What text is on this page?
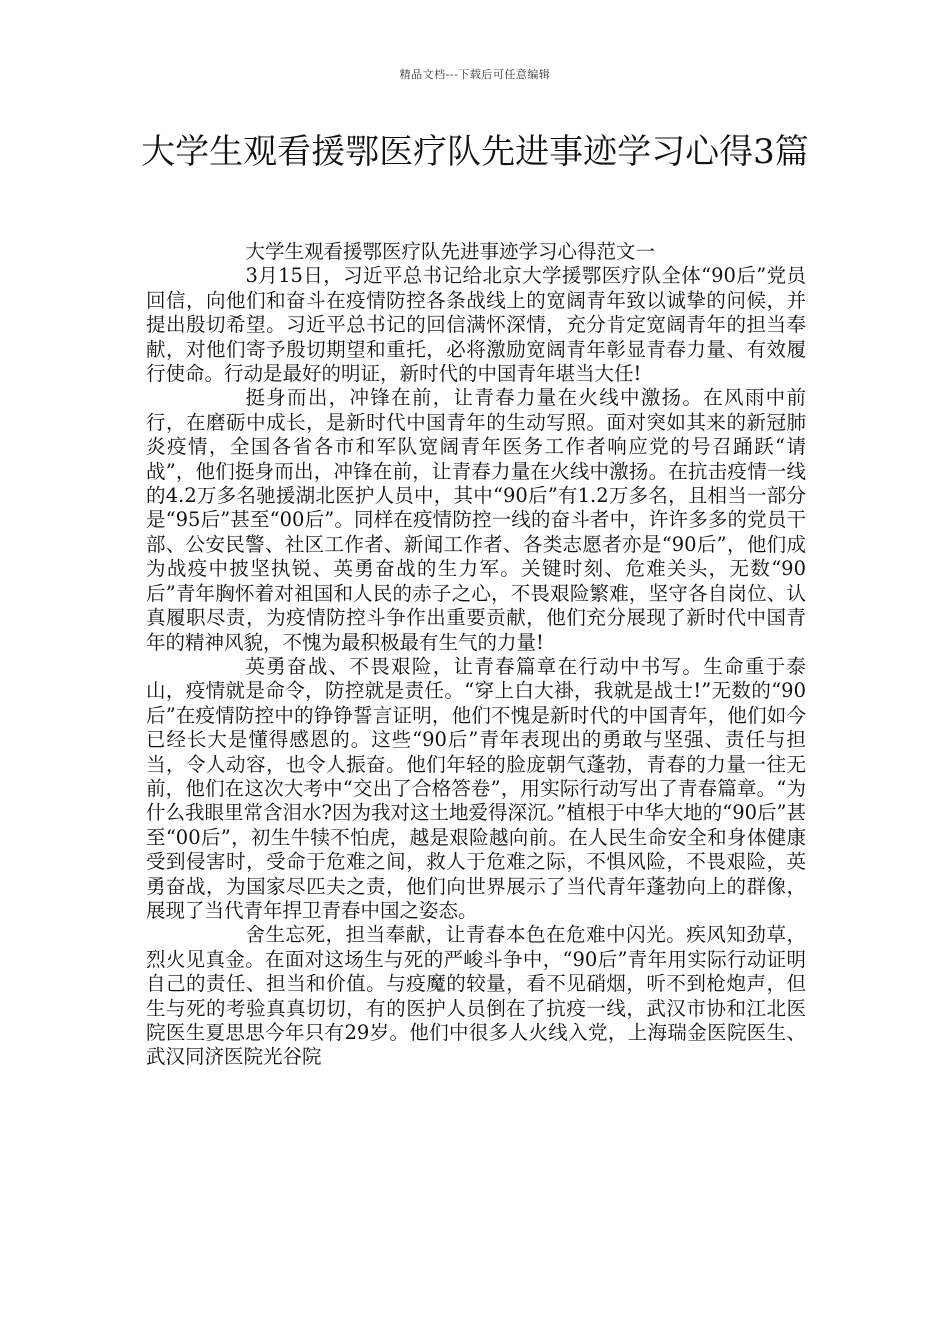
精品文档---下载后可任意编辑
大学生观看援鄂医疗队先进事迹学习心得3篇

大学生观看援鄂医疗队先进事迹学习心得范文一

3月15日，习近平总书记给北京大学援鄂医疗队全体“90后”党员回信，向他们和奋斗在疫情防控各条战线上的宽阔青年致以诚挚的问候，并提出殷切希望。习近平总书记的回信满怀深情，充分肯定宽阔青年的担当奉献，对他们寄予殷切期望和重托，必将激励宽阔青年彰显青春力量、有效履行使命。行动是最好的明证，新时代的中国青年堪当大任!

挺身而出，冲锋在前，让青春力量在火线中激扬。在风雨中前行，在磨砺中成长，是新时代中国青年的生动写照。面对突如其来的新冠肺炎疫情，全国各省各市和军队宽阔青年医务工作者响应党的号召踊跃“请战”，他们挺身而出，冲锋在前，让青春力量在火线中激扬。在抗击疫情一线的4.2万多名驰援湖北医护人员中，其中“90后”有1.2万多名，且相当一部分是“95后”甚至“00后”。同样在疫情防控一线的奋斗者中，许许多多的党员干部、公安民警、社区工作者、新闻工作者、各类志愿者亦是“90后”，他们成为战疫中披坚执锐、英勇奋战的生力军。关键时刻、危难关头，无数“90后”青年胸怀着对祖国和人民的赤子之心，不畏艰险繁难，坚守各自岗位、认真履职尽责，为疫情防控斗争作出重要贡献，他们充分展现了新时代中国青年的精神风貌，不愧为最积极最有生气的力量!

英勇奋战、不畏艰险，让青春篇章在行动中书写。生命重于泰山，疫情就是命令，防控就是责任。“穿上白大褂，我就是战士!”无数的“90后”在疫情防控中的铮铮誓言证明，他们不愧是新时代的中国青年，他们如今已经长大是懂得感恩的。这些“90后”青年表现出的勇敢与坚强、责任与担当，令人动容，也令人振奋。他们年轻的脸庞朝气蓬勃，青春的力量一往无前，他们在这次大考中“交出了合格答卷”，用实际行动写出了青春篇章。“为什么我眼里常含泪水?因为我对这土地爱得深沉。”植根于中华大地的“90后”甚至“00后”，初生牛犊不怕虎，越是艰险越向前。在人民生命安全和身体健康受到侵害时，受命于危难之间，救人于危难之际，不惧风险，不畏艰险，英勇奋战，为国家尽匹夫之责，他们向世界展示了当代青年蓬勃向上的群像，展现了当代青年捍卫青春中国之姿态。

舍生忘死，担当奉献，让青春本色在危难中闪光。疾风知劲草，烈火见真金。在面对这场生与死的严峻斗争中，“90后”青年用实际行动证明自己的责任、担当和价值。与疫魔的较量，看不见硝烟，听不到枪炮声，但生与死的考验真真切切，有的医护人员倒在了抗疫一线，武汉市协和江北医院医生夏思思今年只有29岁。他们中很多人火线入党，上海瑞金医院医生、武汉同济医院光谷院
